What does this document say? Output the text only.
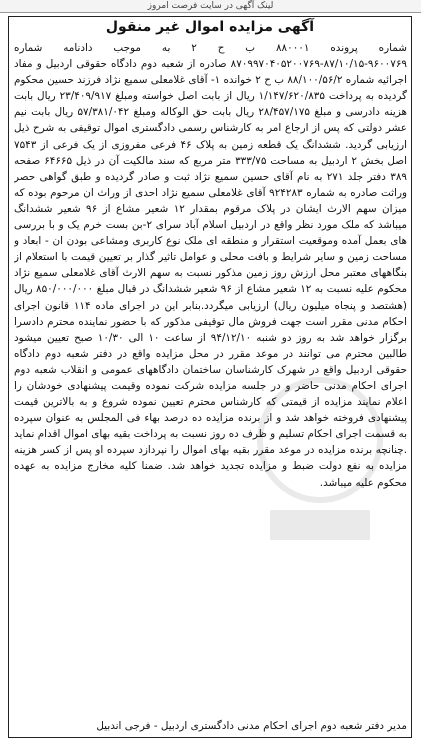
لینک آگهی در سایت فرصت امروز
آگهی مزایده اموال غیر منقول

شماره پرونده ۸۸۰۰۰۱ ب ح ۲ به موجب دادنامه شماره ۹۶۰۰۷۶۹-۸۷/۱۰/۱۵-۸۷۰۹۹۷۰۴۰۵۲۰۰۷۶۹ صادره از شعبه دوم دادگاه حقوقی اردبیل و مفاد اجرائیه شماره ۸۸/۱۰۰/۵۶/۲ ب ح ۲ خوانده ۱- آقای غلامعلی سمیع نژاد فرزند حسین محکوم گردیده به پرداخت ۱/۱۴۷/۶۲۰/۸۳۵ ریال از بابت اصل خواسته ومبلغ ۲۳/۴۰۹/۹۱۷ ریال بابت هزینه دادرسی و مبلغ ۲۸/۴۵۷/۱۷۵ ریال بابت حق الوکاله ومبلغ ۵۷/۳۸۱/۰۴۲ ریال بابت نیم عشر دولتی که پس از ارجاع امر به کارشناس رسمی دادگستری اموال توقیفی به شرح ذیل ارزیابی گردید. ششدانگ یک قطعه زمین به پلاک ۴۶ فرعی مفروزی از یک فرعی از ۷۵۴۳ اصل بخش ۲ اردبیل به مساحت ۳۳۳/۷۵ متر مربع که سند مالکیت آن در ذیل ۶۴۶۶۵ صفحه ۳۸۹ دفتر جلد ۲۷۱ به نام آقای حسین سمیع نژاد ثبت و صادر گردیده و طبق گواهی حصر وراثت صادره به شماره ۹۲۴۲۸۳ آقای غلامعلی سمیع نژاد احدی از وراث ان مرحوم بوده که میزان سهم الارث ایشان در پلاک مرقوم بمقدار ۱۲ شعیر مشاع از ۹۶ شعیر ششدانگ میباشد که ملک مورد نظر واقع در اردبیل اسلام آباد سرای ۲-بن بست خرم یک و با بررسی های بعمل آمده وموقعیت استقرار و منطقه ای ملک نوع کاربری ومشاعی بودن ان - ابعاد و مساحت زمین و سایر شرایط و بافت محلی و عوامل تاثیر گذار بر تعیین قیمت با استعلام از بنگاههای معتبر محل ارزش روز زمین مذکور نسبت به سهم الارث آقای غلامعلی سمیع نژاد محکوم علیه نسبت به ۱۲ شعیر مشاع از ۹۶ شعیر ششدانگ در قبال مبلغ ۸۵۰/۰۰۰/۰۰۰ ریال (هشتصد و پنجاه میلیون ریال) ارزیابی میگردد.بنابر این در اجرای ماده ۱۱۴ قانون اجرای احکام مدنی مقرر است جهت فروش مال توقیفی مذکور که با حضور نماینده محترم دادسرا برگزار خواهد شد به روز دو شنبه ۹۴/۱۲/۱۰ از ساعت ۱۰ الی ۱۰/۳۰ صبح تعیین میشود طالبین محترم می توانند در موعد مقرر در محل مزایده واقع در دفتر شعبه دوم دادگاه حقوقی اردبیل واقع در شهرک کارشناسان ساختمان دادگاههای عمومی و انقلاب شعبه دوم اجرای احکام مدنی حاضر و در جلسه مزایده شرکت نموده وقیمت پیشنهادی خودشان را اعلام نمایند مزایده از قیمتی که کارشناس محترم تعیین نموده شروع و به بالاترین قیمت پیشنهادی فروخته خواهد شد و از برنده مزایده ده درصد بهاء فی المجلس به عنوان سپرده به قسمت اجرای احکام تسلیم و ظرف ده روز نسبت به پرداخت بقیه بهای اموال اقدام نماید .چنانچه برنده مزایده در موعد مقرر بقیه بهای اموال را نپردازد سپرده او پس از کسر هزینه مزایده به نفع دولت ضبط و مزایده تجدید خواهد شد. ضمنا کلیه مخارج مزایده به عهده محکوم علیه میباشد.

مدیر دفتر شعبه دوم اجرای احکام مدنی دادگستری اردبیل - فرجی اندبیل
